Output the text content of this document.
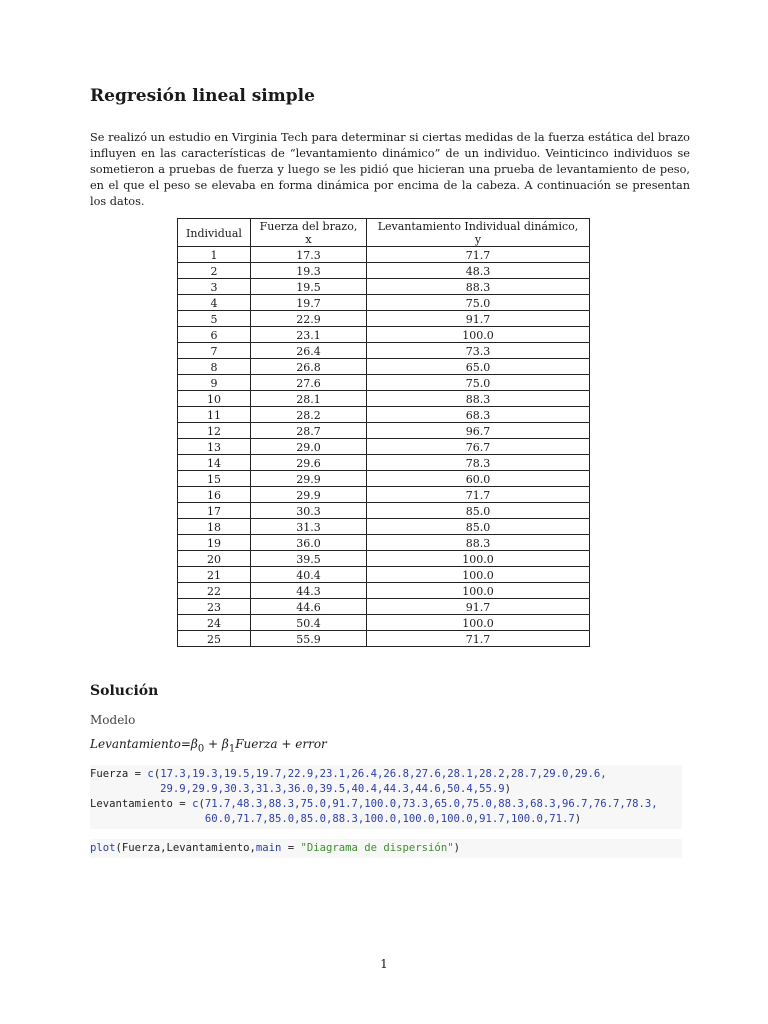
Regresión lineal simple

Se realizó un estudio en Virginia Tech para determinar si ciertas medidas de la fuerza estática del brazo influyen en las características de “levantamiento dinámico” de un individuo. Veinticinco individuos se sometieron a pruebas de fuerza y luego se les pidió que hicieran una prueba de levantamiento de peso, en el que el peso se elevaba en forma dinámica por encima de la cabeza. A continuación se presentan los datos.

Individual	Fuerza del brazo, x	Levantamiento Individual dinámico, y
1	17.3	71.7
2	19.3	48.3
3	19.5	88.3
4	19.7	75.0
5	22.9	91.7
6	23.1	100.0
7	26.4	73.3
8	26.8	65.0
9	27.6	75.0
10	28.1	88.3
11	28.2	68.3
12	28.7	96.7
13	29.0	76.7
14	29.6	78.3
15	29.9	60.0
16	29.9	71.7
17	30.3	85.0
18	31.3	85.0
19	36.0	88.3
20	39.5	100.0
21	40.4	100.0
22	44.3	100.0
23	44.6	91.7
24	50.4	100.0
25	55.9	71.7
Solución
Modelo
$Levantamiento=\beta_0$ + $\beta_1Fuerza$ + error
Fuerza = c(17.3,19.3,19.5,19.7,22.9,23.1,26.4,26.8,27.6,28.1,28.2,28.7,29.0,29.6,
29.9,29.9,30.3,31.3,36.0,39.5,40.4,44.3,44.6,50.4,55.9)
Levantamiento = c(71.7,48.3,88.3,75.0,91.7,100.0,73.3,65.0,75.0,88.3,68.3,96.7,76.7,78.3,
60.0,71.7,85.0,85.0,88.3,100.0,100.0,100.0,91.7,100.0,71.7)
plot(Fuerza,Levantamiento,main = "Diagrama de dispersión")
1
